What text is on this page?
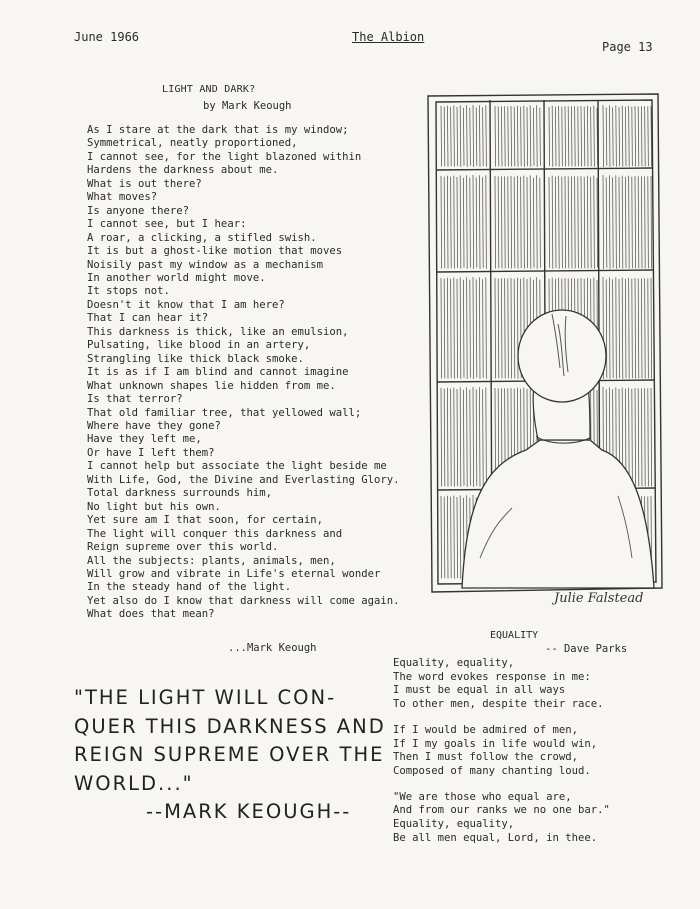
June 1966	The Albion
Page 13
LIGHT AND DARK?
by Mark Keough
As I stare at the dark that is my window;
Symmetrical, neatly proportioned,
I cannot see, for the light blazoned within
Hardens the darkness about me.
What is out there?
What moves?
Is anyone there?
I cannot see, but I hear:
A roar, a clicking, a stifled swish.
It is but a ghost-like motion that moves
Noisily past my window as a mechanism
In another world might move.
It stops not.
Doesn't it know that I am here?
That I can hear it?
This darkness is thick, like an emulsion,
Pulsating, like blood in an artery,
Strangling like thick black smoke.
It is as if I am blind and cannot imagine
What unknown shapes lie hidden from me.
Is that terror?
That old familiar tree, that yellowed wall;
Where have they gone?
Have they left me,
Or have I left them?
I cannot help but associate the light beside me
With Life, God, the Divine and Everlasting Glory.
Total darkness surrounds him,
No light but his own.
Yet sure am I that soon, for certain,
The light will conquer this darkness and
Reign supreme over this world.
All the subjects: plants, animals, men,
Will grow and vibrate in Life's eternal wonder
In the steady hand of the light.
Yet also do I know that darkness will come again.
What does that mean?
...Mark Keough
Julie Falstead
"THE LIGHT WILL CON-
QUER THIS DARKNESS AND
REIGN SUPREME OVER THE
WORLD..."
--MARK KEOUGH--
EQUALITY
-- Dave Parks
Equality, equality,
The word evokes response in me:
I must be equal in all ways
To other men, despite their race.
If I would be admired of men,
If I my goals in life would win,
Then I must follow the crowd,
Composed of many chanting loud.
"We are those who equal are,
And from our ranks we no one bar."
Equality, equality,
Be all men equal, Lord, in thee.
